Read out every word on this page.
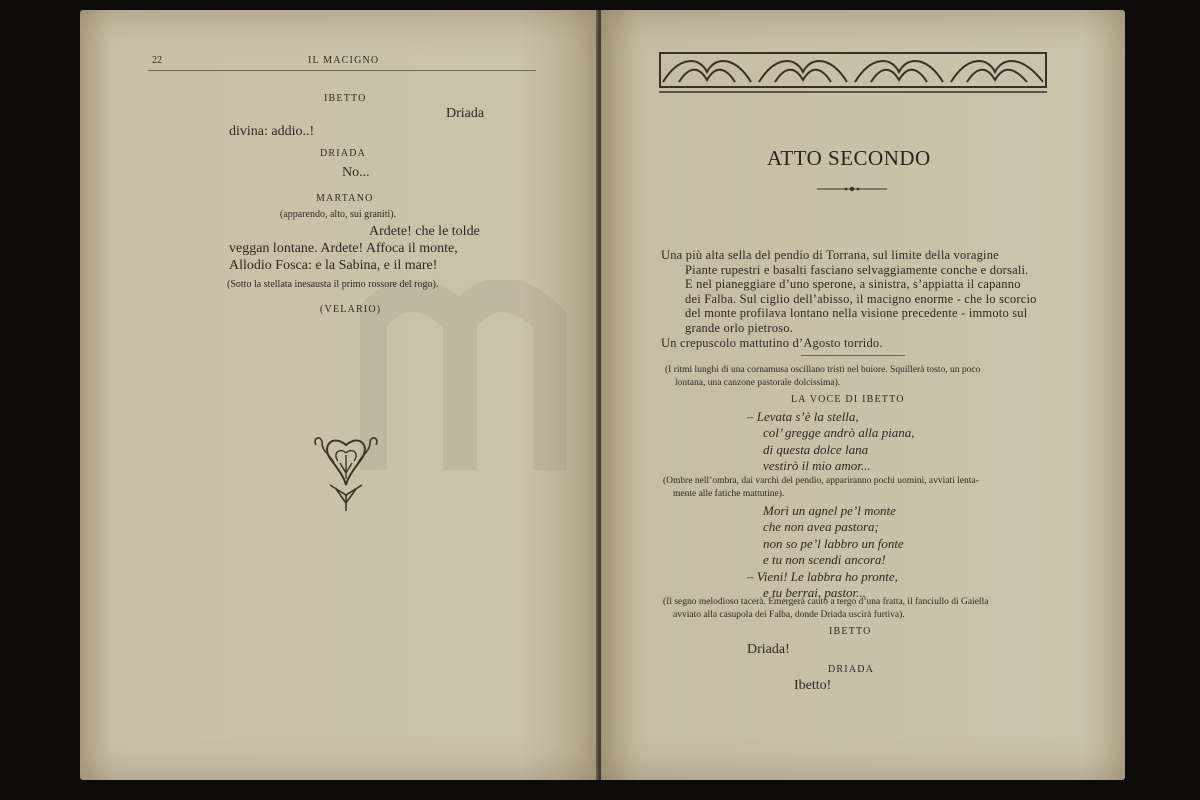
22	IL MACIGNO
IBETTO
Driada
divina: addio..!
DRIADA
No...
MARTANO
(apparendo, alto, sui graniti).
Ardete! che le tolde
veggan lontane. Ardete! Affoca il monte,
Allodio Fosca: e la Sabina, e il mare!
(Sotto la stellata inesausta il primo rossore del rogo).
(VELARIO)
ATTO SECONDO
Una più alta sella del pendio di Torrana, sul limite della voragine
Piante rupestri e basalti fasciano selvaggiamente conche e dorsali.
E nel pianeggiare d’uno sperone, a sinistra, s’appiatta il capanno
dei Falba. Sul ciglio dell’abisso, il macigno enorme - che lo scorcio
del monte profilava lontano nella visione precedente - immoto sul
grande orlo pietroso.
Un crepuscolo mattutino d’Agosto torrido.
(I ritmi lunghi di una cornamusa oscillano tristi nel buiore. Squillerà tosto, un poco
lontana, una canzone pastorale dolcissima).
LA VOCE DI IBETTO
– Levata s’è la stella,
col’ gregge andrò alla piana,
di questa dolce lana
vestirò il mio amor...
(Ombre nell’ombra, dai varchi del pendio, appariranno pochi uomini, avviati lenta-
mente alle fatiche mattutine).
Morì un agnel pe’l monte
che non avea pastora;
non so pe’l labbro un fonte
e tu non scendi ancora!
– Vieni! Le labbra ho pronte,
e tu berrai, pastor...
(Il segno melodioso tacerà. Emergerà cauto a tergo d’una fratta, il fanciullo di Gaiella
avviato alla casupola dei Falba, donde Driada uscirà furtiva).
IBETTO
Driada!
DRIADA
Ibetto!
